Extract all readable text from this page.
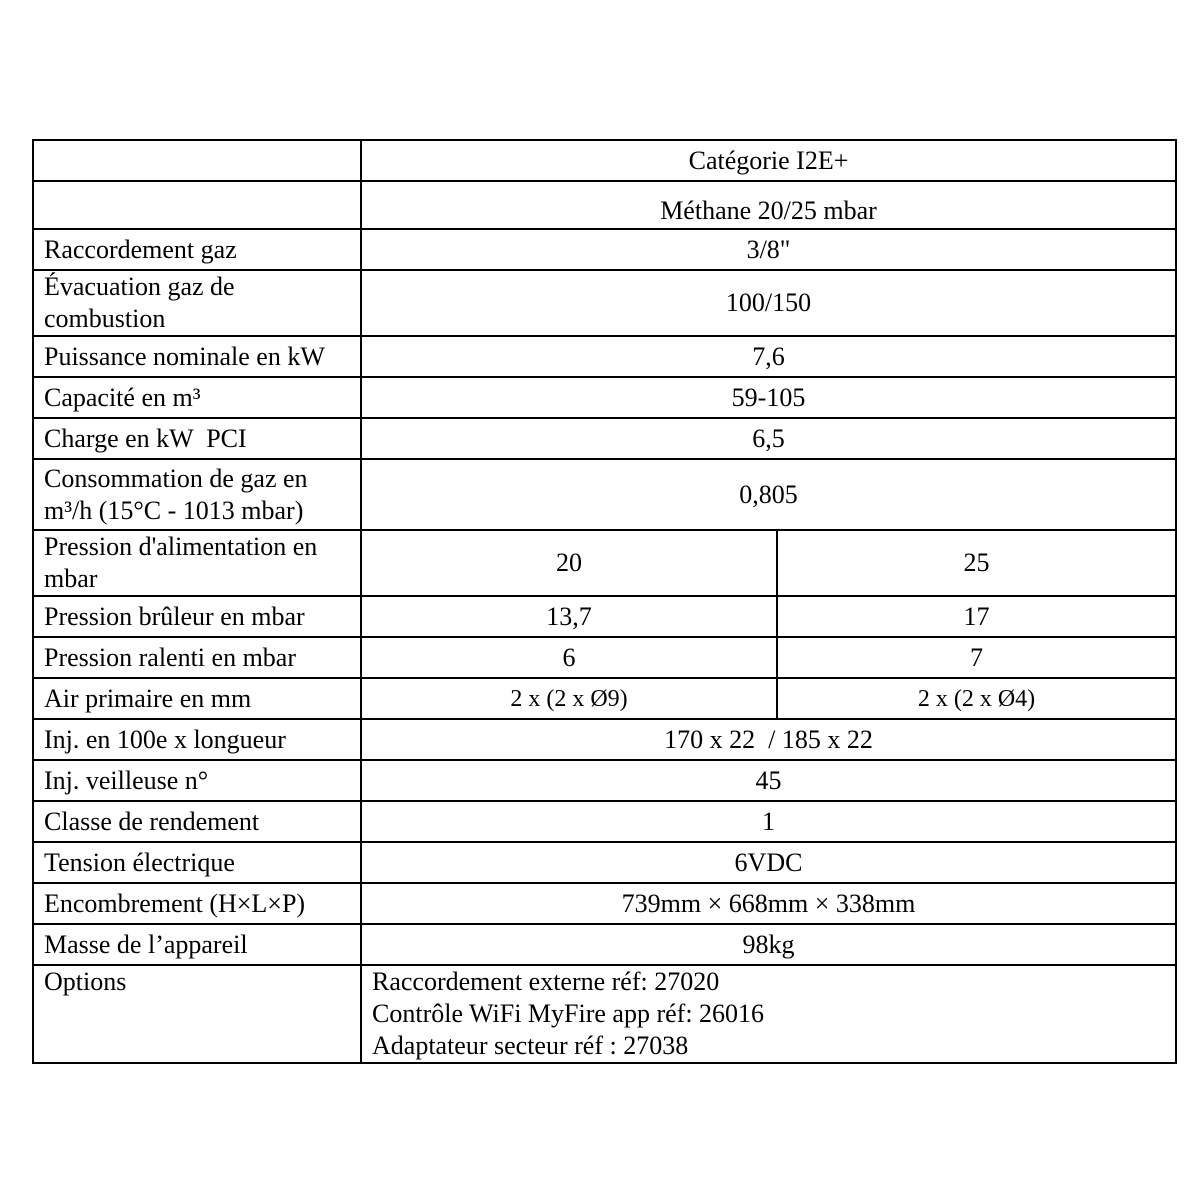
	Catégorie I2E+	
	Méthane 20/25 mbar	
Raccordement gaz	3/8"	

Évacuation gaz de
combustion	100/150	
Puissance nominale en kW	7,6	
Capacité en m³	59-105	
Charge en kW  PCI	6,5	

Consommation de gaz en
m³/h (15°C - 1013 mbar)	0,805	

Pression d'alimentation en
mbar	20	25
Pression brûleur en mbar	13,7	17
Pression ralenti en mbar	6	7
Air primaire en mm	2 x (2 x Ø9)	2 x (2 x Ø4)
Inj. en 100e x longueur	170 x 22  / 185 x 22	
Inj. veilleuse n°	45	
Classe de rendement	1	
Tension électrique	6VDC	
Encombrement (H×L×P)	739mm × 668mm × 338mm	
Masse de l’appareil	98kg	
Options	Raccordement externe réf: 27020
Contrôle WiFi MyFire app réf: 26016
Adaptateur secteur réf : 27038	
